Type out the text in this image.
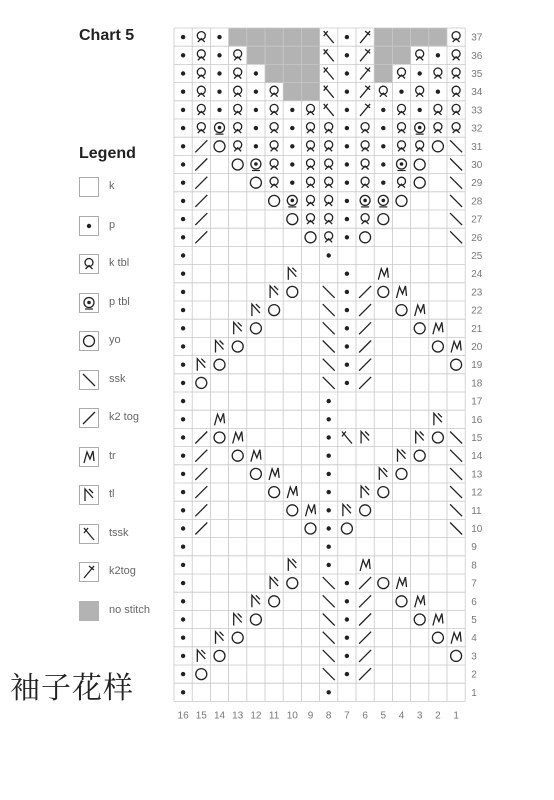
Chart 5
Legend
袖子花样
k
p
k tbl
p tbl
yo
ssk
k2 tog
tr
tl
tssk
k2tog
no stitch
37
36
35
34
33
32
31
30
29
28
27
26
25
24
23
22
21
20
19
18
17
16
15
14
13
12
11
10
9
8
7
6
5
4
3
2
1
16 15 14 13 12 11 10 9 8 7 6 5 4 3 2 1
